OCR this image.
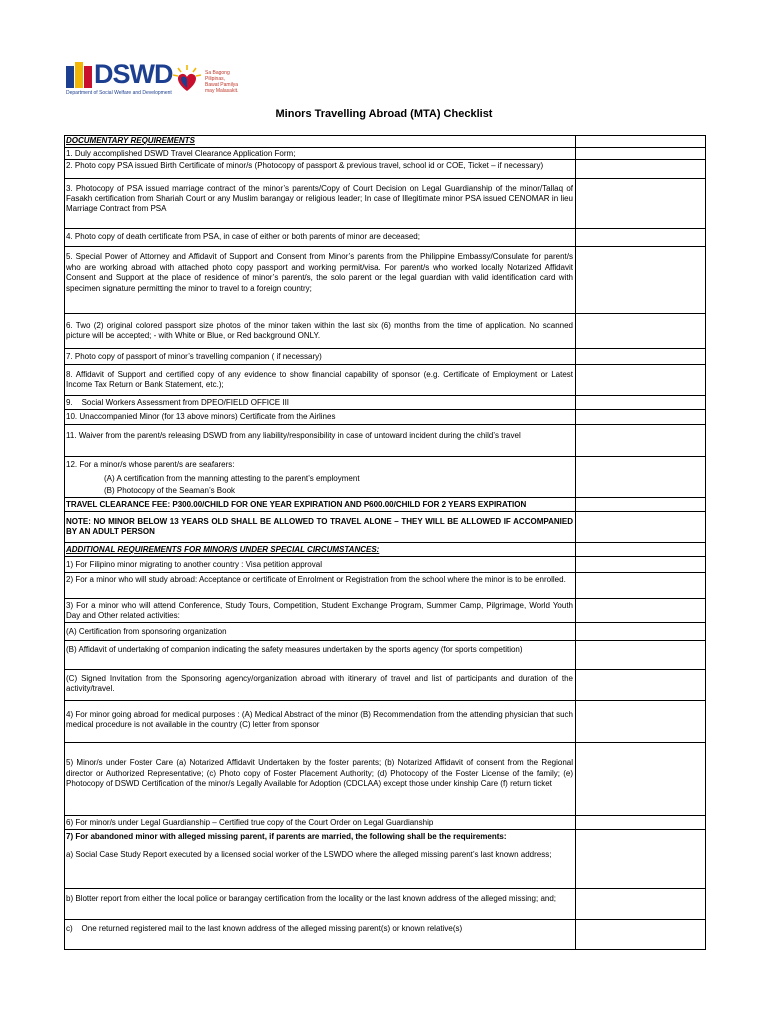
DSWD
Department of Social Welfare and Development
Sa Bagong
Pilipinas,
Bawat Pamilya
may Malasakit.
Minors Travelling Abroad (MTA) Checklist
DOCUMENTARY REQUIREMENTS
1. Duly accomplished DSWD Travel Clearance Application Form;
2. Photo copy PSA issued Birth Certificate of minor/s (Photocopy of passport & previous travel, school id or COE, Ticket – if necessary)
3. Photocopy of PSA issued marriage contract of the minor’s parents/Copy of Court Decision on Legal Guardianship of the minor/Tallaq of Fasakh certification from Shariah Court or any Muslim barangay or religious leader; In case of Illegitimate minor PSA issued CENOMAR in lieu Marriage Contract from PSA
4. Photo copy of death certificate from PSA, in case of either or both parents of minor are deceased;
5. Special Power of Attorney and Affidavit of Support and Consent from Minor’s parents from the Philippine Embassy/Consulate for parent/s who are working abroad with attached photo copy passport and working permit/visa. For parent/s who worked locally Notarized Affidavit Consent and Support at the place of residence of minor’s parent/s, the solo parent or the legal guardian with valid identification card with specimen signature permitting the minor to travel to a foreign country;
6. Two (2) original colored passport size photos of the minor taken within the last six (6) months from the time of application. No scanned picture will be accepted; - with White or Blue, or Red background ONLY.
7. Photo copy of passport of minor’s travelling companion ( if necessary)
8. Affidavit of Support and certified copy of any evidence to show financial capability of sponsor (e.g. Certificate of Employment or Latest Income Tax Return or Bank Statement, etc.);
9.    Social Workers Assessment from DPEO/FIELD OFFICE III
10. Unaccompanied Minor (for 13 above minors) Certificate from the Airlines
11. Waiver from the parent/s releasing DSWD from any liability/responsibility in case of untoward incident during the child’s travel
12. For a minor/s whose parent/s are seafarers:
(A) A certification from the manning attesting to the parent’s employment
(B) Photocopy of the Seaman’s Book
TRAVEL CLEARANCE FEE: P300.00/CHILD FOR ONE YEAR EXPIRATION AND P600.00/CHILD FOR 2 YEARS EXPIRATION
NOTE: NO MINOR BELOW 13 YEARS OLD SHALL BE ALLOWED TO TRAVEL ALONE – THEY WILL BE ALLOWED IF ACCOMPANIED BY AN ADULT PERSON
ADDITIONAL REQUIREMENTS FOR MINOR/S UNDER SPECIAL CIRCUMSTANCES:
1) For Filipino minor migrating to another country : Visa petition approval
2) For a minor who will study abroad: Acceptance or certificate of Enrolment or Registration from the school where the minor is to be enrolled.
3) For a minor who will attend Conference, Study Tours, Competition, Student Exchange Program, Summer Camp, Pilgrimage, World Youth Day and Other related activities:
(A) Certification from sponsoring organization
(B) Affidavit of undertaking of companion indicating the safety measures undertaken by the sports agency (for sports competition)
(C) Signed Invitation from the Sponsoring agency/organization abroad with itinerary of travel and list of participants and duration of the activity/travel.
4) For minor going abroad for medical purposes : (A) Medical Abstract of the minor (B) Recommendation from the attending physician that such medical procedure is not available in the country (C) letter from sponsor
5) Minor/s under Foster Care (a) Notarized Affidavit Undertaken by the foster parents; (b) Notarized Affidavit of consent from the Regional director or Authorized Representative; (c) Photo copy of Foster Placement Authority; (d) Photocopy of the Foster License of the family; (e) Photocopy of DSWD Certification of the minor/s Legally Available for Adoption (CDCLAA) except those under kinship Care (f) return ticket
6) For minor/s under Legal Guardianship – Certified true copy of the Court Order on Legal Guardianship
7) For abandoned minor with alleged missing parent, if parents are married, the following shall be the requirements:
a) Social Case Study Report executed by a licensed social worker of the LSWDO where the alleged missing parent’s last known address;
b) Blotter report from either the local police or barangay certification from the locality or the last known address of the alleged missing; and;
c)    One returned registered mail to the last known address of the alleged missing parent(s) or known relative(s)
